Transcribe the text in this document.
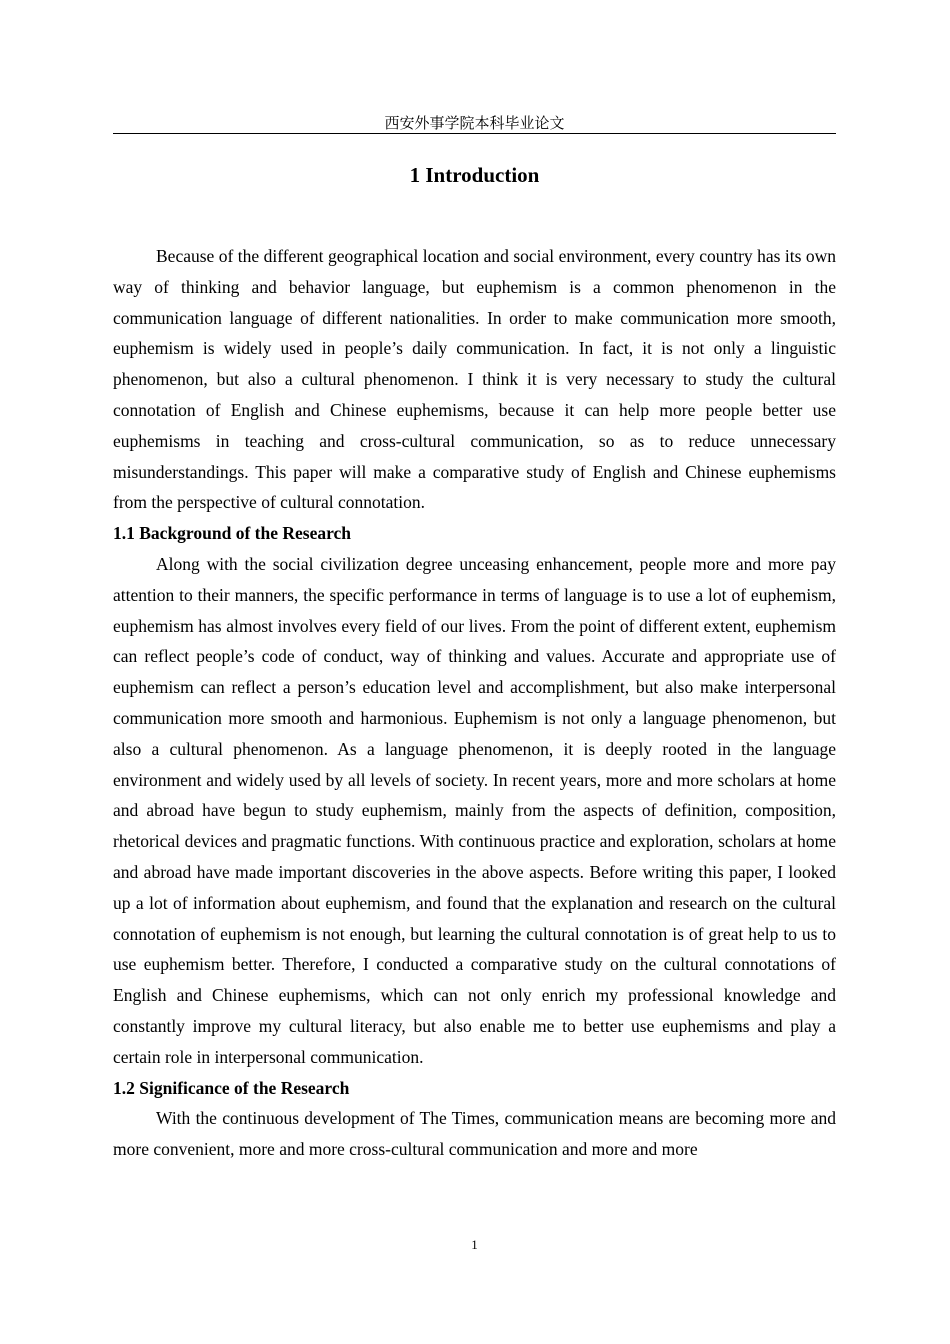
西安外事学院本科毕业论文
1 Introduction

Because of the different geographical location and social environment, every country has its own way of thinking and behavior language, but euphemism is a common phenomenon in the communication language of different nationalities. In order to make communication more smooth, euphemism is widely used in people’s daily communication. In fact, it is not only a linguistic phenomenon, but also a cultural phenomenon. I think it is very necessary to study the cultural connotation of English and Chinese euphemisms, because it can help more people better use euphemisms in teaching and cross-cultural communication, so as to reduce unnecessary misunderstandings. This paper will make a comparative study of English and Chinese euphemisms from the perspective of cultural connotation.

1.1 Background of the Research

Along with the social civilization degree unceasing enhancement, people more and more pay attention to their manners, the specific performance in terms of language is to use a lot of euphemism, euphemism has almost involves every field of our lives. From the point of different extent, euphemism can reflect people’s code of conduct, way of thinking and values. Accurate and appropriate use of euphemism can reflect a person’s education level and accomplishment, but also make interpersonal communication more smooth and harmonious. Euphemism is not only a language phenomenon, but also a cultural phenomenon. As a language phenomenon, it is deeply rooted in the language environment and widely used by all levels of society. In recent years, more and more scholars at home and abroad have begun to study euphemism, mainly from the aspects of definition, composition, rhetorical devices and pragmatic functions. With continuous practice and exploration, scholars at home and abroad have made important discoveries in the above aspects. Before writing this paper, I looked up a lot of information about euphemism, and found that the explanation and research on the cultural connotation of euphemism is not enough, but learning the cultural connotation is of great help to us to use euphemism better. Therefore, I conducted a comparative study on the cultural connotations of English and Chinese euphemisms, which can not only enrich my professional knowledge and constantly improve my cultural literacy, but also enable me to better use euphemisms and play a certain role in interpersonal communication.

1.2 Significance of the Research

With the continuous development of The Times, communication means are becoming more and more convenient, more and more cross-cultural communication and more and more

1
